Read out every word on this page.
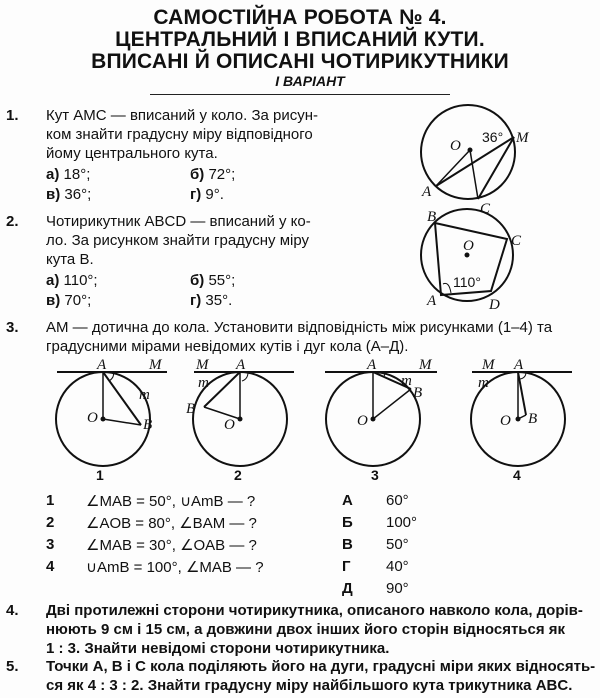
САМОСТІЙНА РОБОТА № 4.
ЦЕНТРАЛЬНИЙ І ВПИСАНИЙ КУТИ.
ВПИСАНІ Й ОПИСАНІ ЧОТИРИКУТНИКИ
І ВАРІАНТ
1. Кут AMC — вписаний у коло. За рисун-
ком знайти градусну міру відповідного
йому центрального кута.
а) 18°;	б) 72°;
в) 36°;	г) 9°.
O
36° M
A
C
2. Чотирикутник ABCD — вписаний у ко-
ло. За рисунком знайти градусну міру
кута B.
а) 110°;	б) 55°;
в) 70°;	г) 35°.
B
O C
110°
A	D
3. AM — дотична до кола. Установити відповідність між рисунками (1–4) та
градусними мірами невідомих кутів і дуг кола (А–Д).
A	M
O	B
m
1
A
M
m
B
O
2
A	M
m
B
O
3
M A
m
O B
4
1 ∠MAB = 50°, ∪AmB — ?
2 ∠AOB = 80°, ∠BAM — ?
3 ∠MAB = 30°, ∠OAB — ?
4 ∪AmB = 100°, ∠MAB — ?
А 60°
Б 100°
В 50°
Г 40°
Д 90°
4. Дві протилежні сторони чотирикутника, описаного навколо кола, дорів-
нюють 9 см і 15 см, а довжини двох інших його сторін відносяться як
1 : 3. Знайти невідомі сторони чотирикутника.
5. Точки A, B і C кола поділяють його на дуги, градусні міри яких відносять-
ся як 4 : 3 : 2. Знайти градусну міру найбільшого кута трикутника ABC.
